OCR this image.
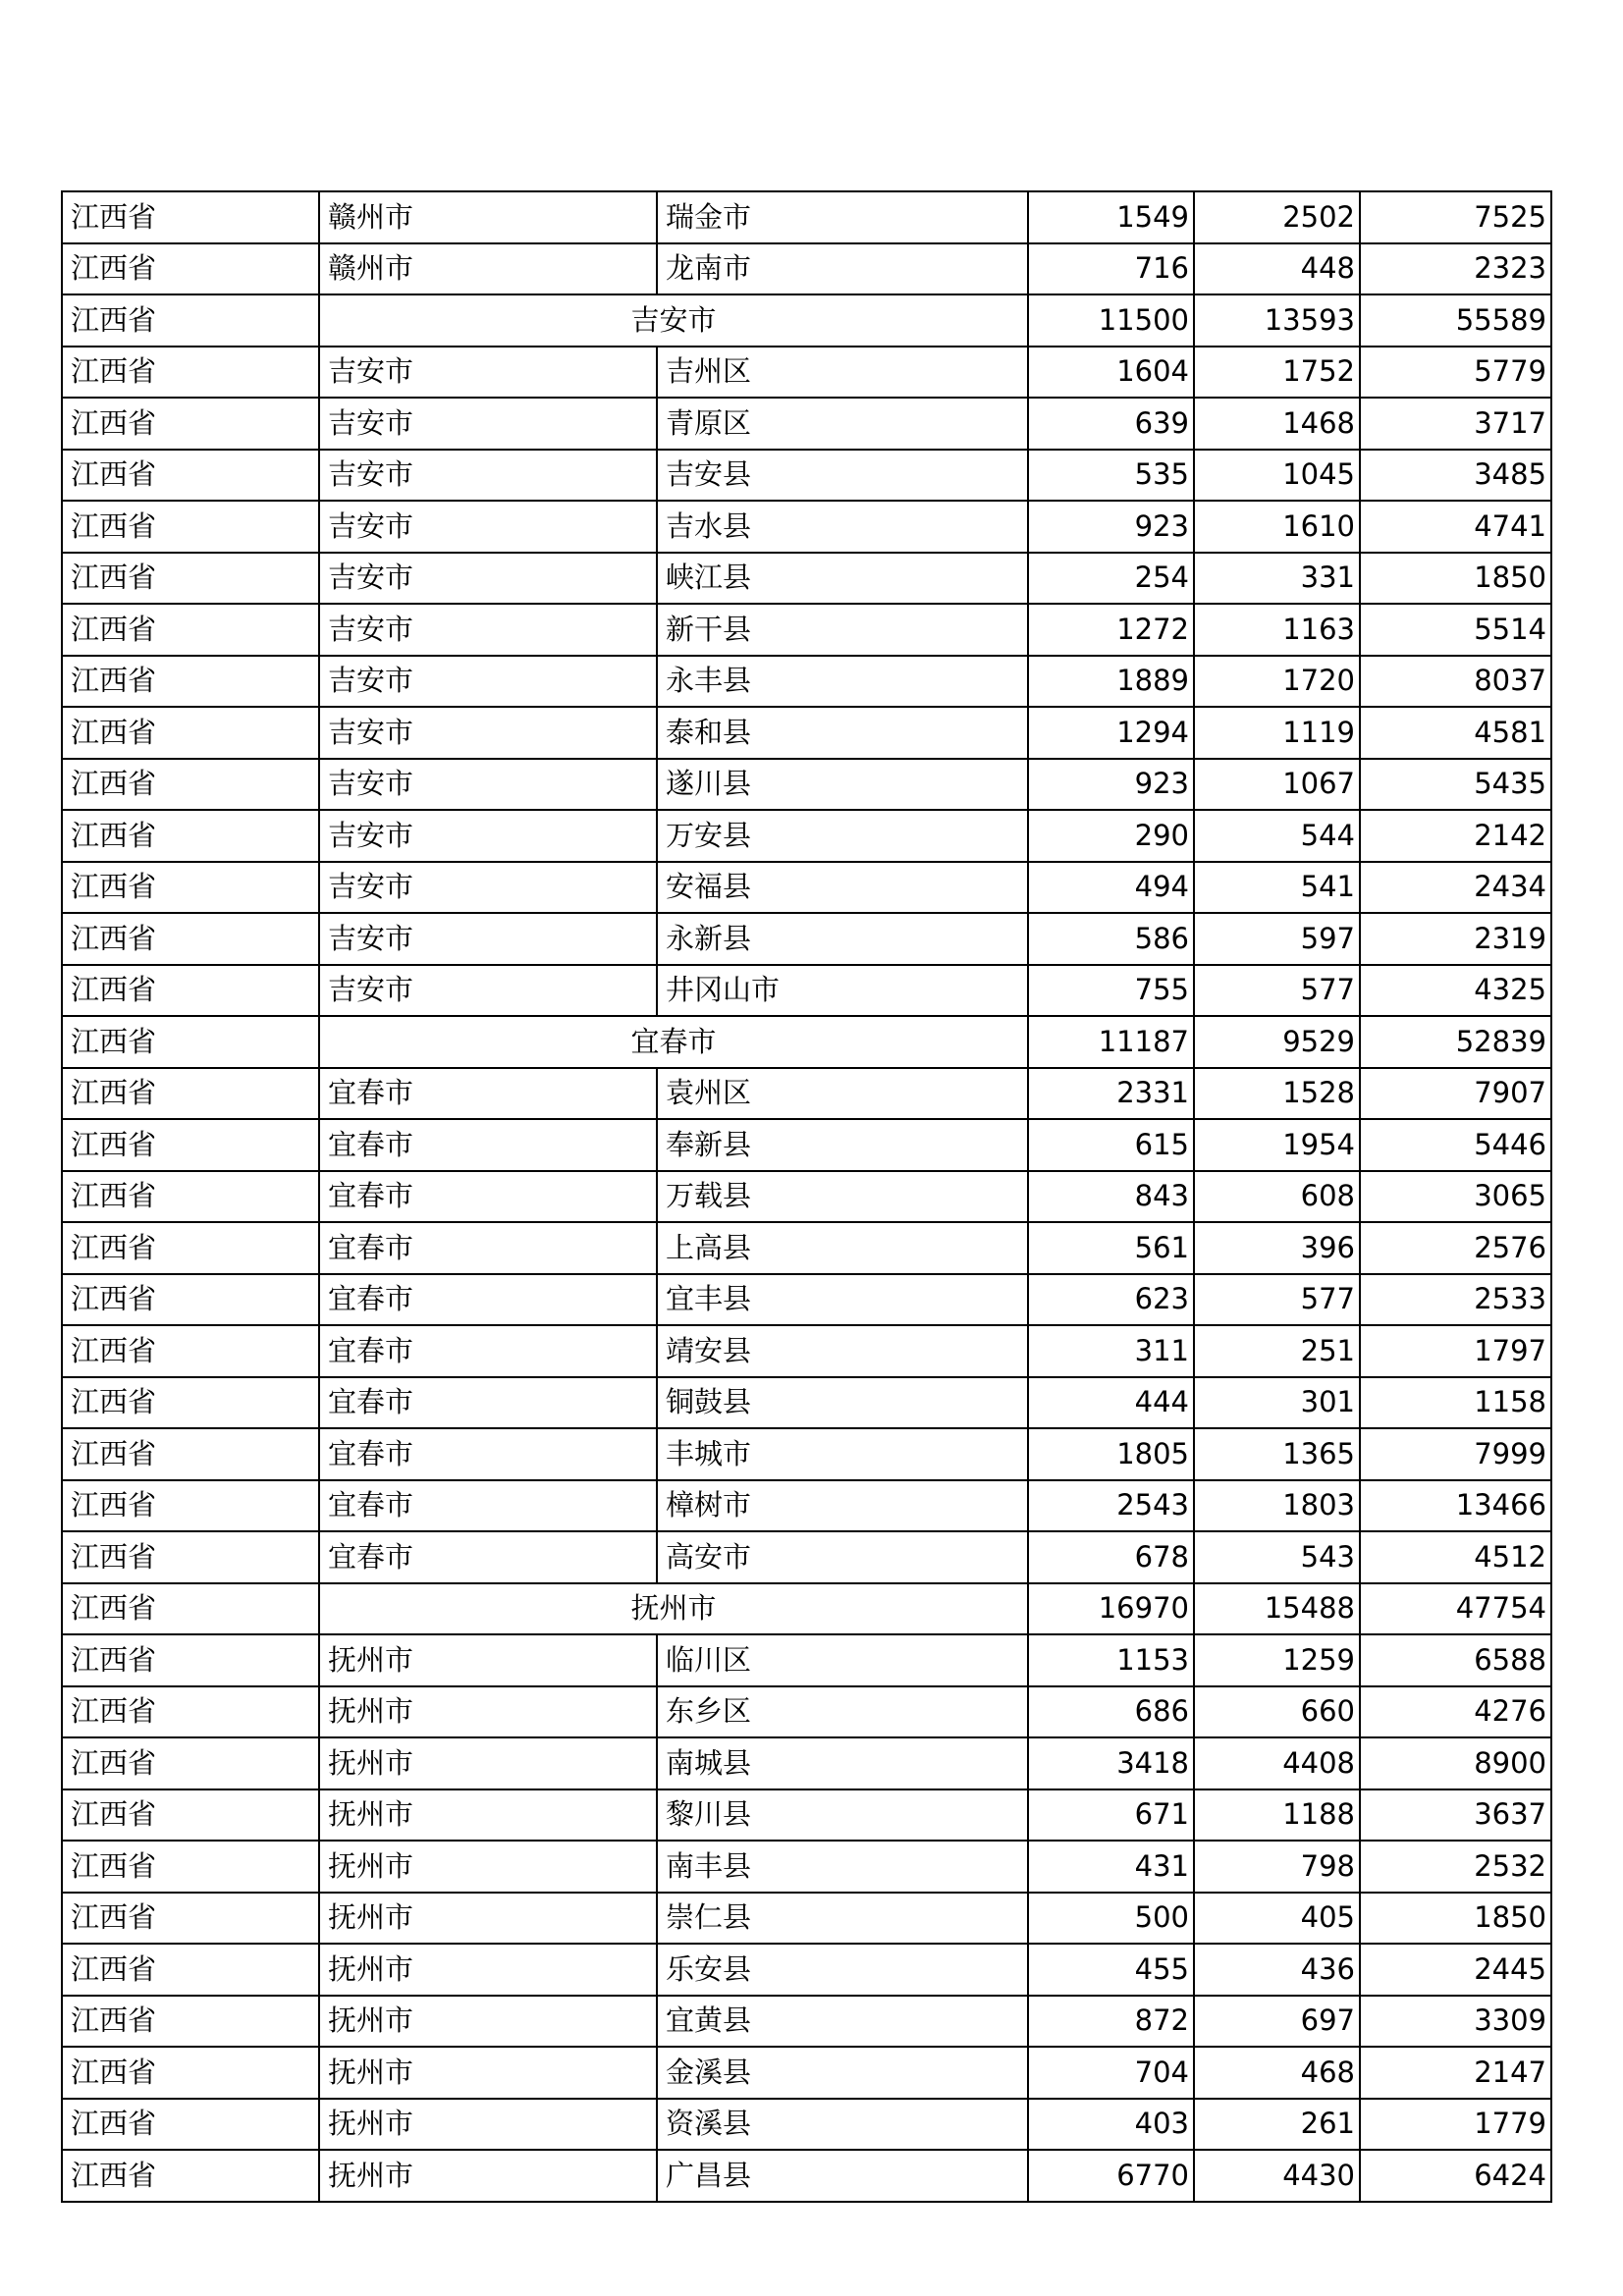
江西省	赣州市	瑞金市	1549	2502	7525
江西省	赣州市	龙南市	716	448	2323
江西省	吉安市		11500	13593	55589
江西省	吉安市	吉州区	1604	1752	5779
江西省	吉安市	青原区	639	1468	3717
江西省	吉安市	吉安县	535	1045	3485
江西省	吉安市	吉水县	923	1610	4741
江西省	吉安市	峡江县	254	331	1850
江西省	吉安市	新干县	1272	1163	5514
江西省	吉安市	永丰县	1889	1720	8037
江西省	吉安市	泰和县	1294	1119	4581
江西省	吉安市	遂川县	923	1067	5435
江西省	吉安市	万安县	290	544	2142
江西省	吉安市	安福县	494	541	2434
江西省	吉安市	永新县	586	597	2319
江西省	吉安市	井冈山市	755	577	4325
江西省	宜春市		11187	9529	52839
江西省	宜春市	袁州区	2331	1528	7907
江西省	宜春市	奉新县	615	1954	5446
江西省	宜春市	万载县	843	608	3065
江西省	宜春市	上高县	561	396	2576
江西省	宜春市	宜丰县	623	577	2533
江西省	宜春市	靖安县	311	251	1797
江西省	宜春市	铜鼓县	444	301	1158
江西省	宜春市	丰城市	1805	1365	7999
江西省	宜春市	樟树市	2543	1803	13466
江西省	宜春市	高安市	678	543	4512
江西省	抚州市		16970	15488	47754
江西省	抚州市	临川区	1153	1259	6588
江西省	抚州市	东乡区	686	660	4276
江西省	抚州市	南城县	3418	4408	8900
江西省	抚州市	黎川县	671	1188	3637
江西省	抚州市	南丰县	431	798	2532
江西省	抚州市	崇仁县	500	405	1850
江西省	抚州市	乐安县	455	436	2445
江西省	抚州市	宜黄县	872	697	3309
江西省	抚州市	金溪县	704	468	2147
江西省	抚州市	资溪县	403	261	1779
江西省	抚州市	广昌县	6770	4430	6424
